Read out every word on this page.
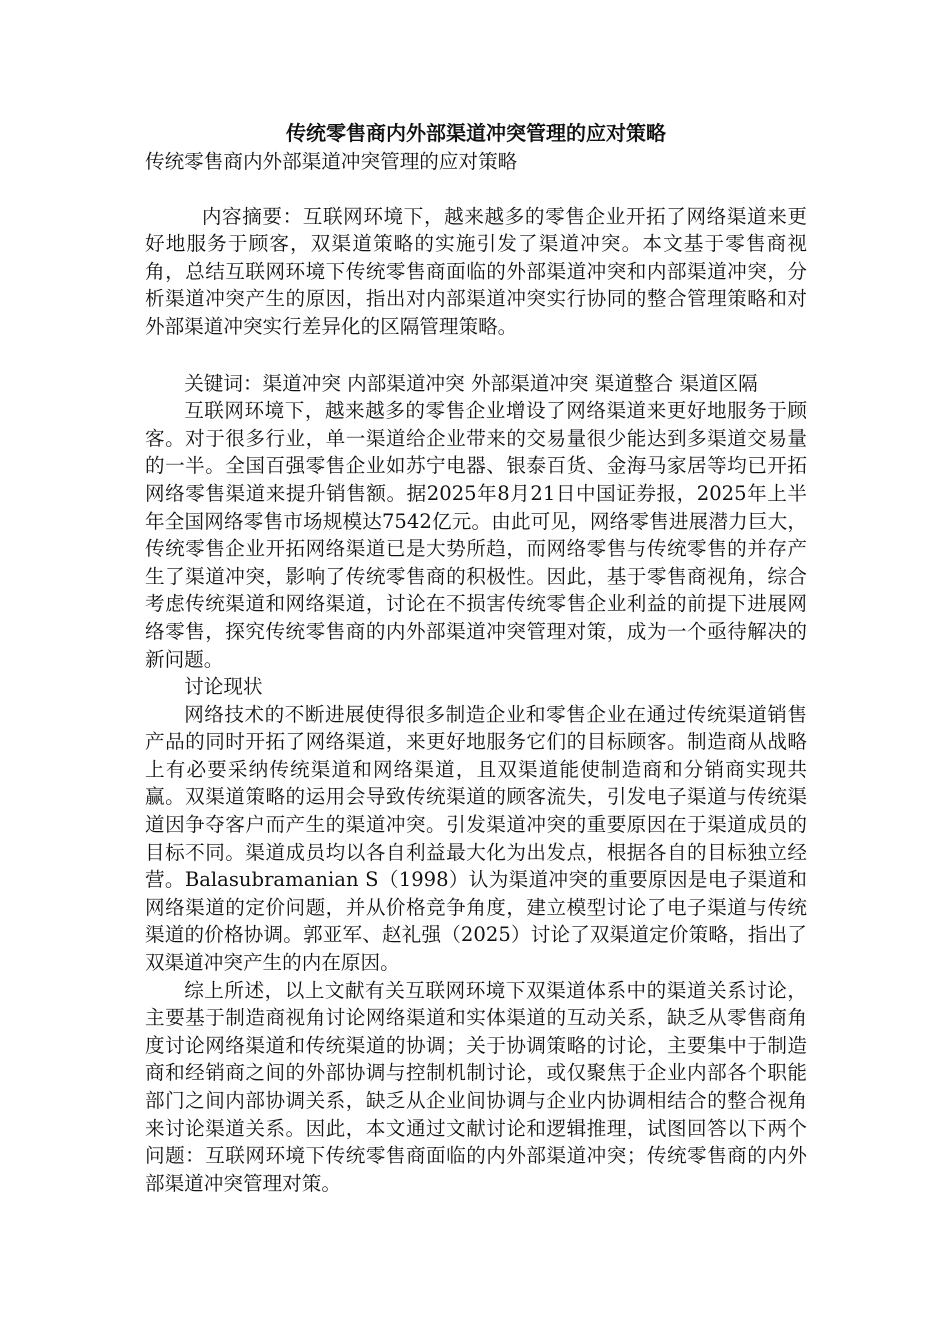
传统零售商内外部渠道冲突管理的应对策略

传统零售商内外部渠道冲突管理的应对策略

内容摘要：互联网环境下，越来越多的零售企业开拓了网络渠道来更好地服务于顾客，双渠道策略的实施引发了渠道冲突。本文基于零售商视角，总结互联网环境下传统零售商面临的外部渠道冲突和内部渠道冲突，分析渠道冲突产生的原因，指出对内部渠道冲突实行协同的整合管理策略和对外部渠道冲突实行差异化的区隔管理策略。

关键词：渠道冲突 内部渠道冲突 外部渠道冲突 渠道整合 渠道区隔

互联网环境下，越来越多的零售企业增设了网络渠道来更好地服务于顾客。对于很多行业，单一渠道给企业带来的交易量很少能达到多渠道交易量的一半。全国百强零售企业如苏宁电器、银泰百货、金海马家居等均已开拓网络零售渠道来提升销售额。据2025年8月21日中国证券报，2025年上半年全国网络零售市场规模达7542亿元。由此可见，网络零售进展潜力巨大，传统零售企业开拓网络渠道已是大势所趋，而网络零售与传统零售的并存产生了渠道冲突，影响了传统零售商的积极性。因此，基于零售商视角，综合考虑传统渠道和网络渠道，讨论在不损害传统零售企业利益的前提下进展网络零售，探究传统零售商的内外部渠道冲突管理对策，成为一个亟待解决的新问题。

讨论现状

网络技术的不断进展使得很多制造企业和零售企业在通过传统渠道销售产品的同时开拓了网络渠道，来更好地服务它们的目标顾客。制造商从战略上有必要采纳传统渠道和网络渠道，且双渠道能使制造商和分销商实现共赢。双渠道策略的运用会导致传统渠道的顾客流失，引发电子渠道与传统渠道因争夺客户而产生的渠道冲突。引发渠道冲突的重要原因在于渠道成员的目标不同。渠道成员均以各自利益最大化为出发点，根据各自的目标独立经营。Balasubramanian S（1998）认为渠道冲突的重要原因是电子渠道和网络渠道的定价问题，并从价格竞争角度，建立模型讨论了电子渠道与传统渠道的价格协调。郭亚军、赵礼强（2025）讨论了双渠道定价策略，指出了双渠道冲突产生的内在原因。

综上所述，以上文献有关互联网环境下双渠道体系中的渠道关系讨论，主要基于制造商视角讨论网络渠道和实体渠道的互动关系，缺乏从零售商角度讨论网络渠道和传统渠道的协调；关于协调策略的讨论，主要集中于制造商和经销商之间的外部协调与控制机制讨论，或仅聚焦于企业内部各个职能部门之间内部协调关系，缺乏从企业间协调与企业内协调相结合的整合视角来讨论渠道关系。因此，本文通过文献讨论和逻辑推理，试图回答以下两个问题：互联网环境下传统零售商面临的内外部渠道冲突；传统零售商的内外部渠道冲突管理对策。
